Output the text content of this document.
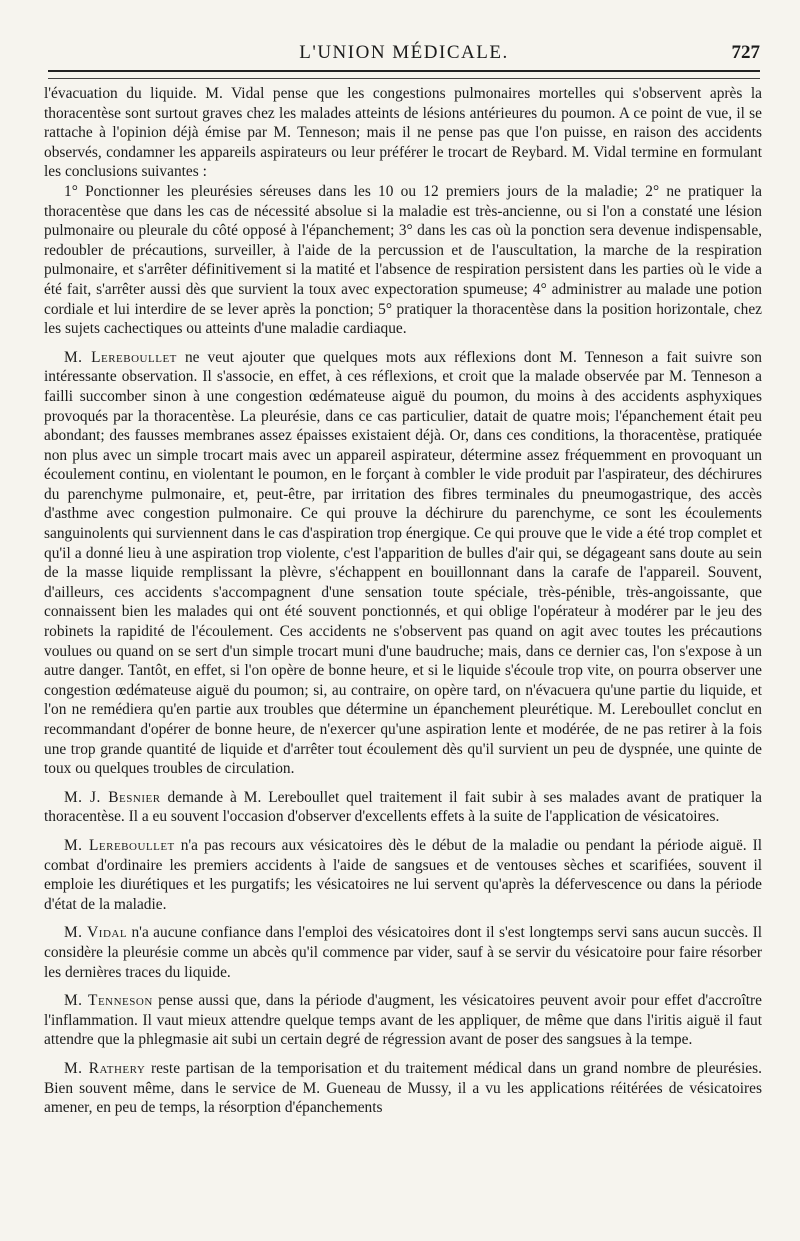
L'UNION MÉDICALE.	727

l'évacuation du liquide. M. Vidal pense que les congestions pulmonaires mortelles qui s'observent après la thoracentèse sont surtout graves chez les malades atteints de lésions antérieures du poumon. A ce point de vue, il se rattache à l'opinion déjà émise par M. Tenneson; mais il ne pense pas que l'on puisse, en raison des accidents observés, condamner les appareils aspirateurs ou leur préférer le trocart de Reybard. M. Vidal termine en formulant les conclusions suivantes :

1° Ponctionner les pleurésies séreuses dans les 10 ou 12 premiers jours de la maladie; 2° ne pratiquer la thoracentèse que dans les cas de nécessité absolue si la maladie est très-ancienne, ou si l'on a constaté une lésion pulmonaire ou pleurale du côté opposé à l'épanchement; 3° dans les cas où la ponction sera devenue indispensable, redoubler de précautions, surveiller, à l'aide de la percussion et de l'auscultation, la marche de la respiration pulmonaire, et s'arrêter définitivement si la matité et l'absence de respiration persistent dans les parties où le vide a été fait, s'arrêter aussi dès que survient la toux avec expectoration spumeuse; 4° administrer au malade une potion cordiale et lui interdire de se lever après la ponction; 5° pratiquer la thoracentèse dans la position horizontale, chez les sujets cachectiques ou atteints d'une maladie cardiaque.

M. Lereboullet ne veut ajouter que quelques mots aux réflexions dont M. Tenneson a fait suivre son intéressante observation. Il s'associe, en effet, à ces réflexions, et croit que la malade observée par M. Tenneson a failli succomber sinon à une congestion œdémateuse aiguë du poumon, du moins à des accidents asphyxiques provoqués par la thoracentèse. La pleurésie, dans ce cas particulier, datait de quatre mois; l'épanchement était peu abondant; des fausses membranes assez épaisses existaient déjà. Or, dans ces conditions, la thoracentèse, pratiquée non plus avec un simple trocart mais avec un appareil aspirateur, détermine assez fréquemment en provoquant un écoulement continu, en violentant le poumon, en le forçant à combler le vide produit par l'aspirateur, des déchirures du parenchyme pulmonaire, et, peut-être, par irritation des fibres terminales du pneumogastrique, des accès d'asthme avec congestion pulmonaire. Ce qui prouve la déchirure du parenchyme, ce sont les écoulements sanguinolents qui surviennent dans le cas d'aspiration trop énergique. Ce qui prouve que le vide a été trop complet et qu'il a donné lieu à une aspiration trop violente, c'est l'apparition de bulles d'air qui, se dégageant sans doute au sein de la masse liquide remplissant la plèvre, s'échappent en bouillonnant dans la carafe de l'appareil. Souvent, d'ailleurs, ces accidents s'accompagnent d'une sensation toute spéciale, très-pénible, très-angoissante, que connaissent bien les malades qui ont été souvent ponctionnés, et qui oblige l'opérateur à modérer par le jeu des robinets la rapidité de l'écoulement. Ces accidents ne s'observent pas quand on agit avec toutes les précautions voulues ou quand on se sert d'un simple trocart muni d'une baudruche; mais, dans ce dernier cas, l'on s'expose à un autre danger. Tantôt, en effet, si l'on opère de bonne heure, et si le liquide s'écoule trop vite, on pourra observer une congestion œdémateuse aiguë du poumon; si, au contraire, on opère tard, on n'évacuera qu'une partie du liquide, et l'on ne remédiera qu'en partie aux troubles que détermine un épanchement pleurétique. M. Lereboullet conclut en recommandant d'opérer de bonne heure, de n'exercer qu'une aspiration lente et modérée, de ne pas retirer à la fois une trop grande quantité de liquide et d'arrêter tout écoulement dès qu'il survient un peu de dyspnée, une quinte de toux ou quelques troubles de circulation.

M. J. Besnier demande à M. Lereboullet quel traitement il fait subir à ses malades avant de pratiquer la thoracentèse. Il a eu souvent l'occasion d'observer d'excellents effets à la suite de l'application de vésicatoires.

M. Lereboullet n'a pas recours aux vésicatoires dès le début de la maladie ou pendant la période aiguë. Il combat d'ordinaire les premiers accidents à l'aide de sangsues et de ventouses sèches et scarifiées, souvent il emploie les diurétiques et les purgatifs; les vésicatoires ne lui servent qu'après la défervescence ou dans la période d'état de la maladie.

M. Vidal n'a aucune confiance dans l'emploi des vésicatoires dont il s'est longtemps servi sans aucun succès. Il considère la pleurésie comme un abcès qu'il commence par vider, sauf à se servir du vésicatoire pour faire résorber les dernières traces du liquide.

M. Tenneson pense aussi que, dans la période d'augment, les vésicatoires peuvent avoir pour effet d'accroître l'inflammation. Il vaut mieux attendre quelque temps avant de les appliquer, de même que dans l'iritis aiguë il faut attendre que la phlegmasie ait subi un certain degré de régression avant de poser des sangsues à la tempe.

M. Rathery reste partisan de la temporisation et du traitement médical dans un grand nombre de pleurésies. Bien souvent même, dans le service de M. Gueneau de Mussy, il a vu les applications réitérées de vésicatoires amener, en peu de temps, la résorption d'épanchements
